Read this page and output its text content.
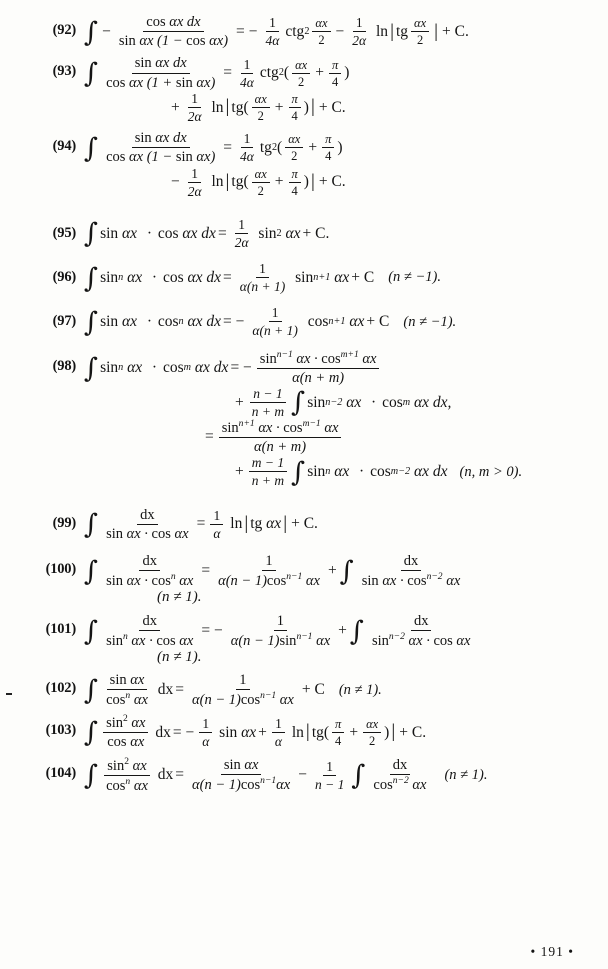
(92) ∫ − $\frac{\text{cos αx dx}}{\text{sin αx (1 − cos αx)}}$ = − $\frac{1}{4\alpha}$ ctg $2 \frac{\alpha x}{2} - \frac{1}{2\alpha}$ ln | tg $\frac{\alpha x}{2}$ | + C.
(93) ∫ $\frac{\text{sin αx dx}}{\text{cos αx (1 + sin αx)}} = \frac{1}{4\alpha}$ ctg 2 ( $\frac{\alpha x}{2} + \frac{\pi}{4}$ )
+ $\frac{1}{2\alpha}$ ln | tg ( $\frac{\alpha x}{2} + \frac{\pi}{4}$ ) | + C.
(94) ∫ $\frac{\text{sin αx dx}}{\text{cos αx (1 − sin αx)}} = \frac{1}{4\alpha}$ tg 2 ( $\frac{\alpha x}{2} + \frac{\pi}{4}$ )
− $\frac{1}{2\alpha}$ ln | tg ( $\frac{\alpha x}{2} + \frac{\pi}{4}$ ) | + C.
(95) ∫ sin αx ·
cos αx dx = $\frac{1}{2\alpha}$ sin 2 αx + C.
(96) ∫ sin n αx ·
cos αx dx = $\frac{1}{\alpha(n + 1)}$ sin n+1 αx + C (n ≠ −1).
(97) ∫ sin αx ·
cos n αx dx = − $\frac{1}{\alpha(n + 1)}$ cos n+1 αx + C (n ≠ −1).
(98) ∫ sin n αx ·
cos m αx dx = − $\frac{\sin^{n-1} \alpha x \cdot \cos^{m+1} \alpha x}{\alpha(n + m)}$
+ $\frac{n - 1}{n + m}$ ∫ sin n−2 αx ·
cos m αx dx,
= $\frac{\sin^{n+1} \alpha x \cdot \cos^{m-1} \alpha x}{\alpha(n + m)}$
+ $\frac{m - 1}{n + m}$ ∫ sin n αx ·
cos m−2 αx dx (n, m > 0).
(99) ∫ $\frac{dx}{\text{sin αx · cos αx}} = \frac{1}{\alpha}$ ln | tg αx | + C.
(100) ∫ $\frac{dx}{\sin \alpha x \cdot \cos^n \alpha x} = \frac{1}{\alpha(n - 1)\cos^{n-1} \alpha x}$ + ∫ $\frac{dx}{\sin \alpha x \cdot \cos^{n-2} \alpha x}$
(n ≠ 1).
(101) ∫ $\frac{dx}{\sin^n \alpha x \cdot \cos \alpha x}$ = − $\frac{1}{\alpha(n - 1)\sin^{n-1} \alpha x}$ + ∫ $\frac{dx}{\sin^{n-2} \alpha x \cdot \cos \alpha x}$
(n ≠ 1).
(102) ∫ $\frac{\text{sin αx}}{\cos^n \alpha x}$ dx = $\frac{1}{\alpha(n - 1)\cos^{n-1} \alpha x} + C$ (n ≠ 1).
(103) ∫ $\frac{\sin^2 \alpha x}{\text{cos αx}}$ dx = − $\frac{1}{\alpha}$ $\sin \alpha x + \frac{1}{\alpha}$ ln | tg ( $\frac{\pi}{4} + \frac{\alpha x}{2}$ ) | + C.
(104) ∫ $\frac{\sin^2 \alpha x}{\cos^n \alpha x}$ dx = $\frac{\text{sin αx}}{\alpha(n - 1)\cos^{n-1}\alpha x} - \frac{1}{n - 1}$ ∫ $\frac{dx}{\cos^{n-2} \alpha x}$	(n ≠ 1).
• 191 •
